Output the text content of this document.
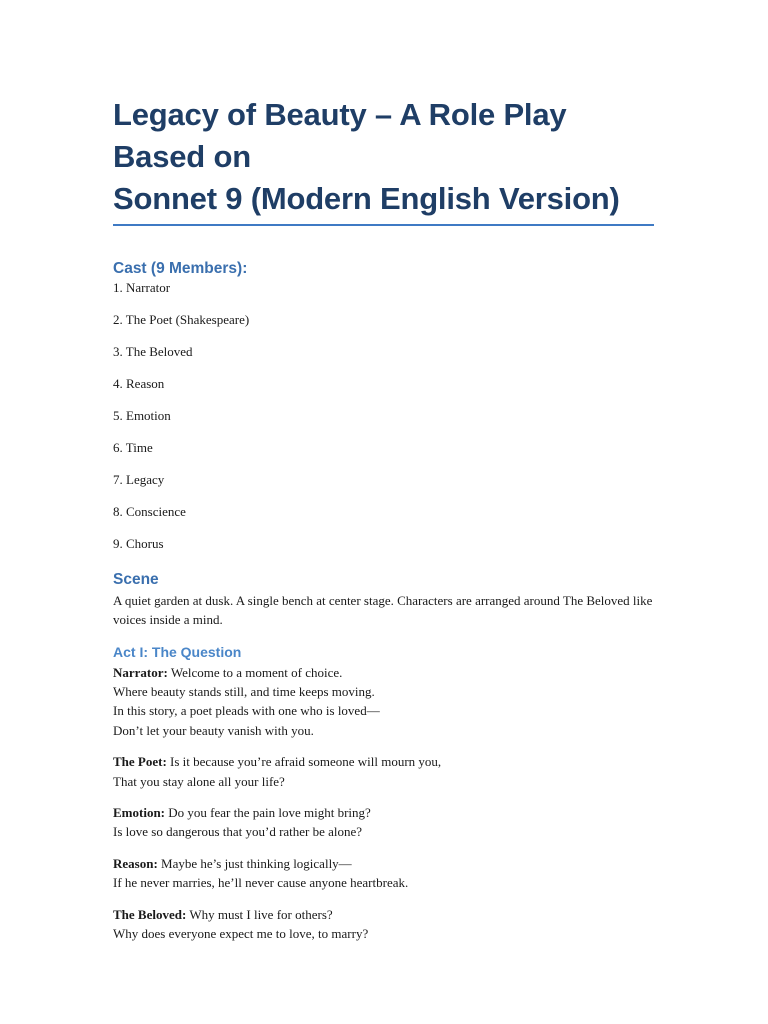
Legacy of Beauty – A Role Play Based on
Sonnet 9 (Modern English Version)
Cast (9 Members):
1. Narrator
2. The Poet (Shakespeare)
3. The Beloved
4. Reason
5. Emotion
6. Time
7. Legacy
8. Conscience
9. Chorus
Scene

A quiet garden at dusk. A single bench at center stage. Characters are arranged around The Beloved like voices inside a mind.

Act I: The Question

Narrator: Welcome to a moment of choice.
Where beauty stands still, and time keeps moving.
In this story, a poet pleads with one who is loved—
Don’t let your beauty vanish with you.

The Poet: Is it because you’re afraid someone will mourn you,
That you stay alone all your life?

Emotion: Do you fear the pain love might bring?
Is love so dangerous that you’d rather be alone?

Reason: Maybe he’s just thinking logically—
If he never marries, he’ll never cause anyone heartbreak.

The Beloved: Why must I live for others?
Why does everyone expect me to love, to marry?
